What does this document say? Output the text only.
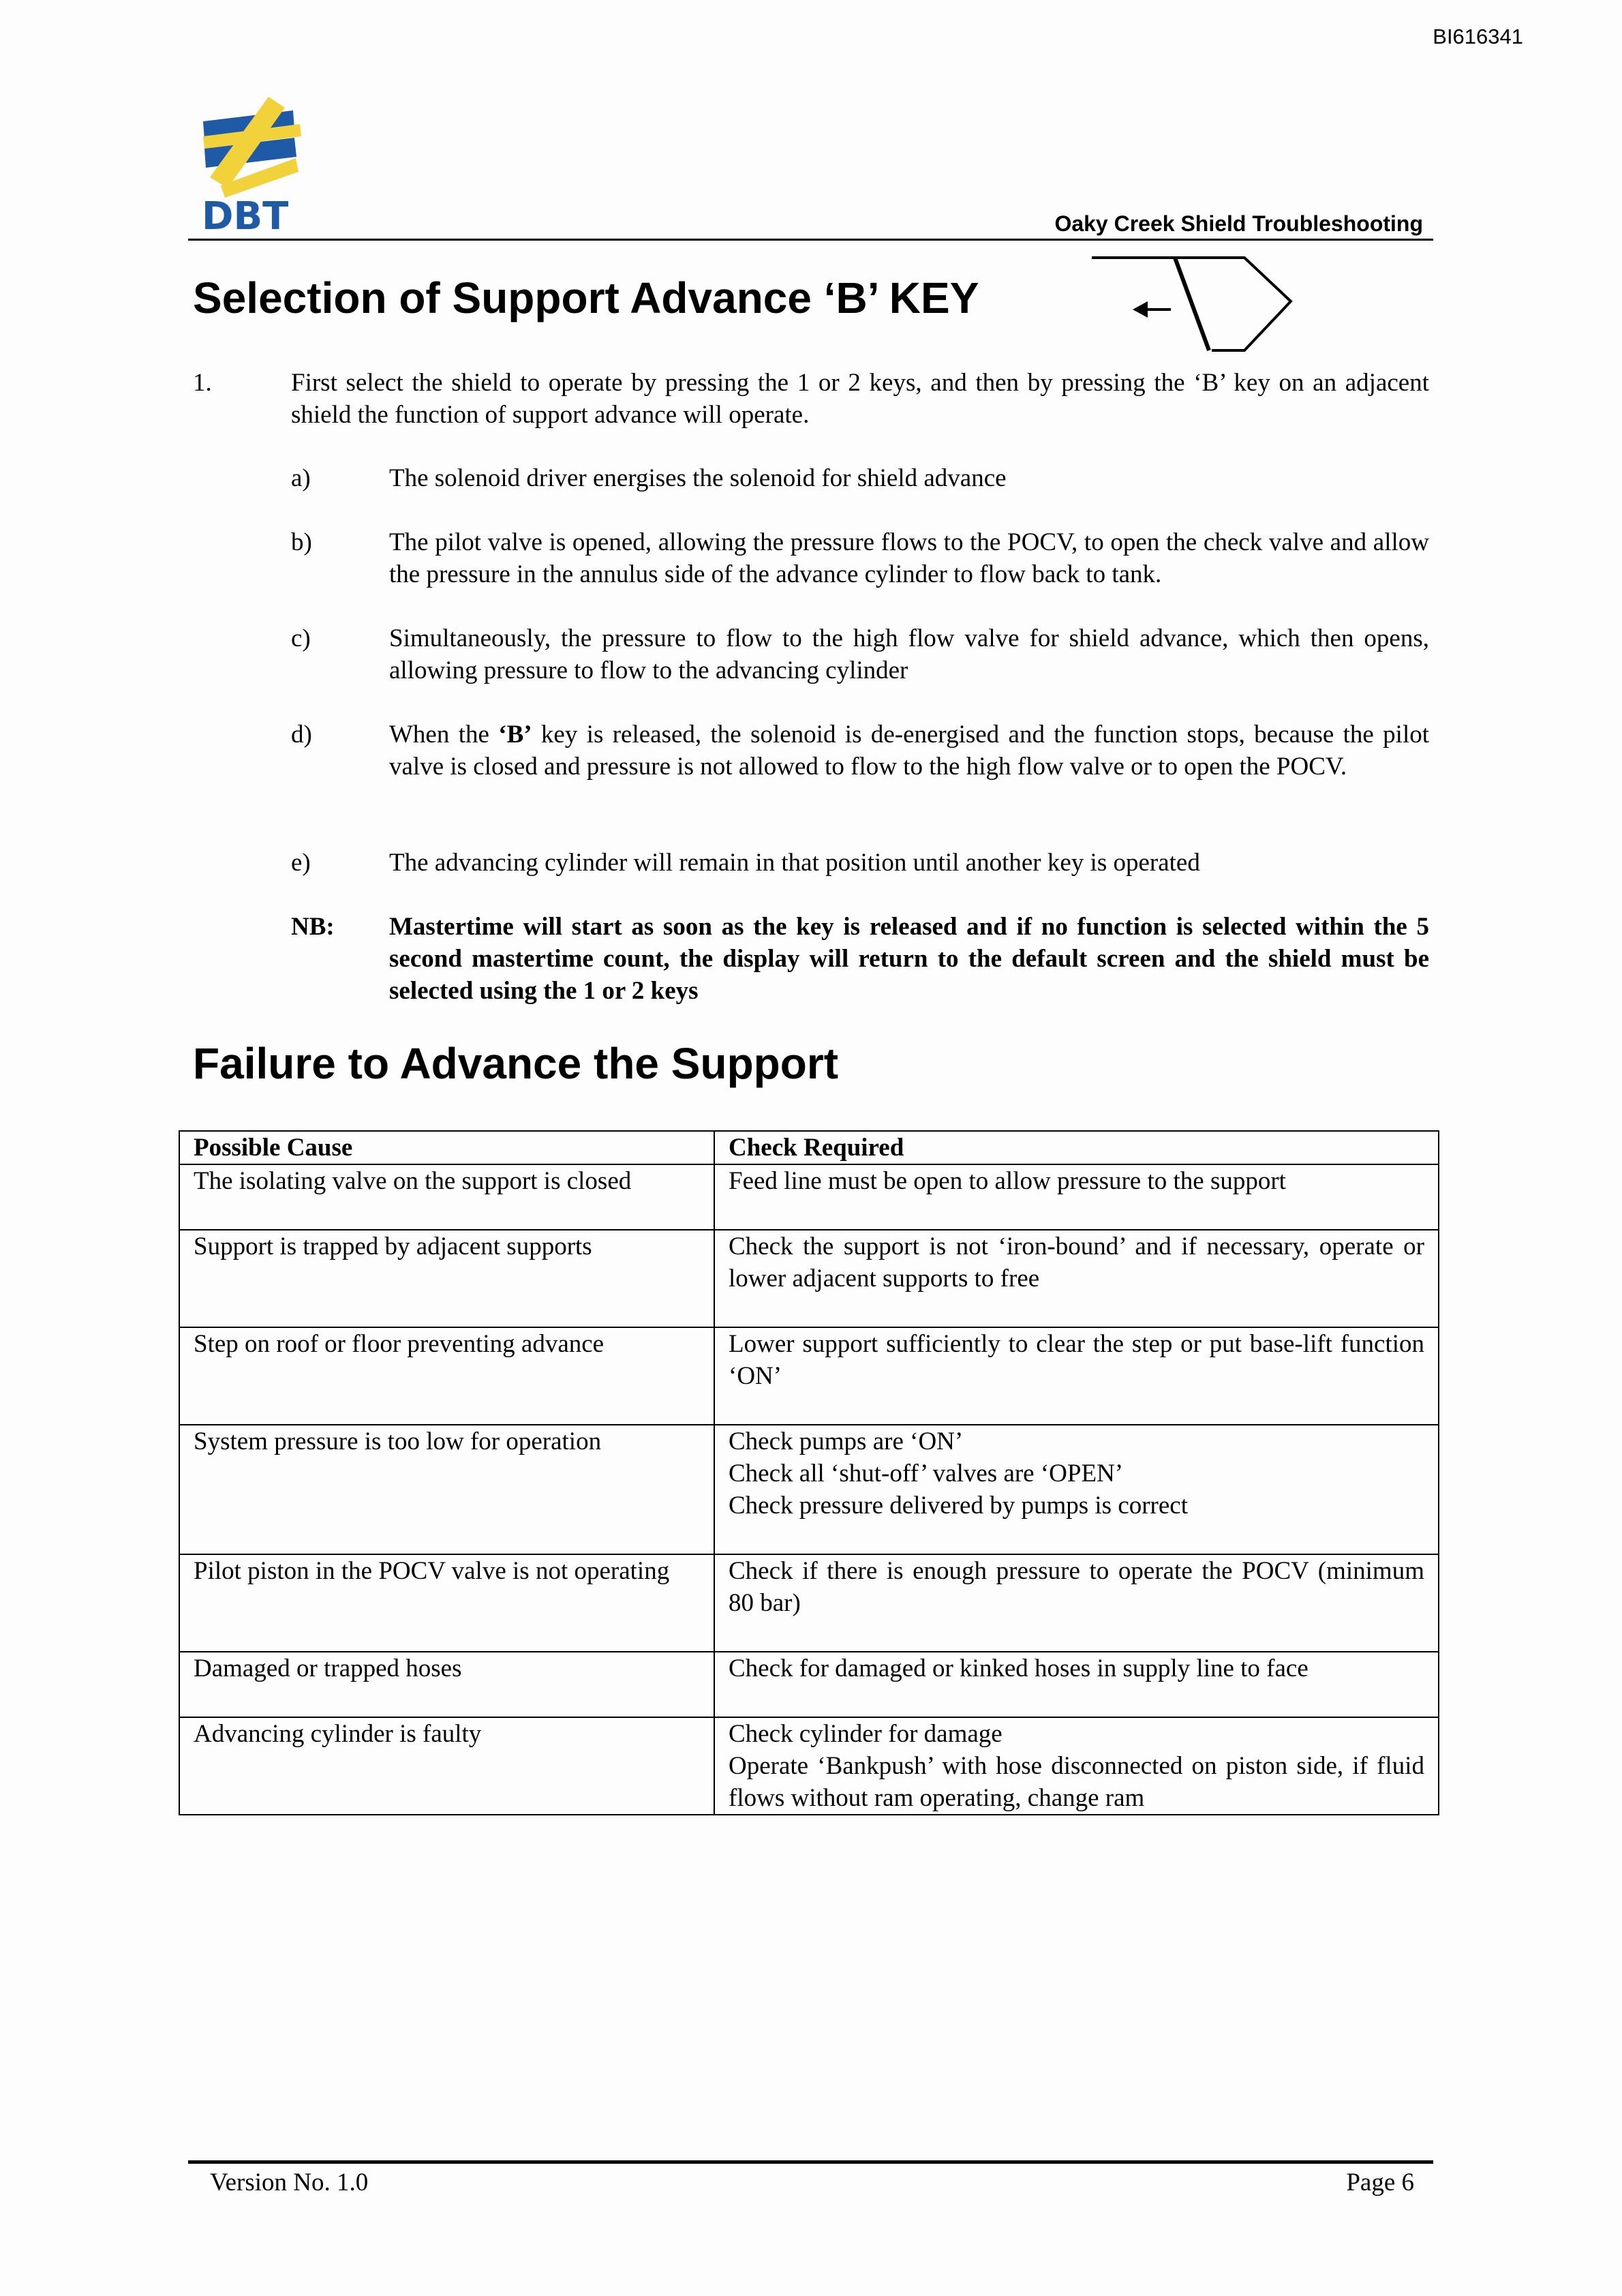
BI616341
DBT	Oaky Creek Shield Troubleshooting
Selection of Support Advance ‘B’ KEY
1.	First select the shield to operate by pressing the 1 or 2 keys, and then by pressing the ‘B’ key on an adjacent shield the function of support advance will operate.
a)	The solenoid driver energises the solenoid for shield advance
b)	The pilot valve is opened, allowing the pressure flows to the POCV, to open the check valve and allow the pressure in the annulus side of the advance cylinder to flow back to tank.
c)	Simultaneously, the pressure to flow to the high flow valve for shield advance, which then opens, allowing pressure to flow to the advancing cylinder
d)	When the ‘B’ key is released, the solenoid is de-energised and the function stops, because the pilot valve is closed and pressure is not allowed to flow to the high flow valve or to open the POCV.
e)	The advancing cylinder will remain in that position until another key is operated
NB: Mastertime will start as soon as the key is released and if no function is selected within the 5 second mastertime count, the display will return to the default screen and the shield must be selected using the 1 or 2 keys
Failure to Advance the Support
Possible Cause	Check Required
The isolating valve on the support is closed	Feed line must be open to allow pressure to the support

Support is trapped by adjacent supports	Check the support is not ‘iron-bound’ and if necessary, operate or lower adjacent supports to free

Step on roof or floor preventing advance	Lower support sufficiently to clear the step or put base-lift function ‘ON’

System pressure is too low for operation	Check pumps are ‘ON’
Check all ‘shut-off’ valves are ‘OPEN’
Check pressure delivered by pumps is correct

Pilot piston in the POCV valve is not operating	Check if there is enough pressure to operate the POCV (minimum 80 bar)

Damaged or trapped hoses	Check for damaged or kinked hoses in supply line to face

Advancing cylinder is faulty	Check cylinder for damage
Operate ‘Bankpush’ with hose disconnected on piston side, if fluid flows without ram operating, change ram
Version No. 1.0	Page 6
